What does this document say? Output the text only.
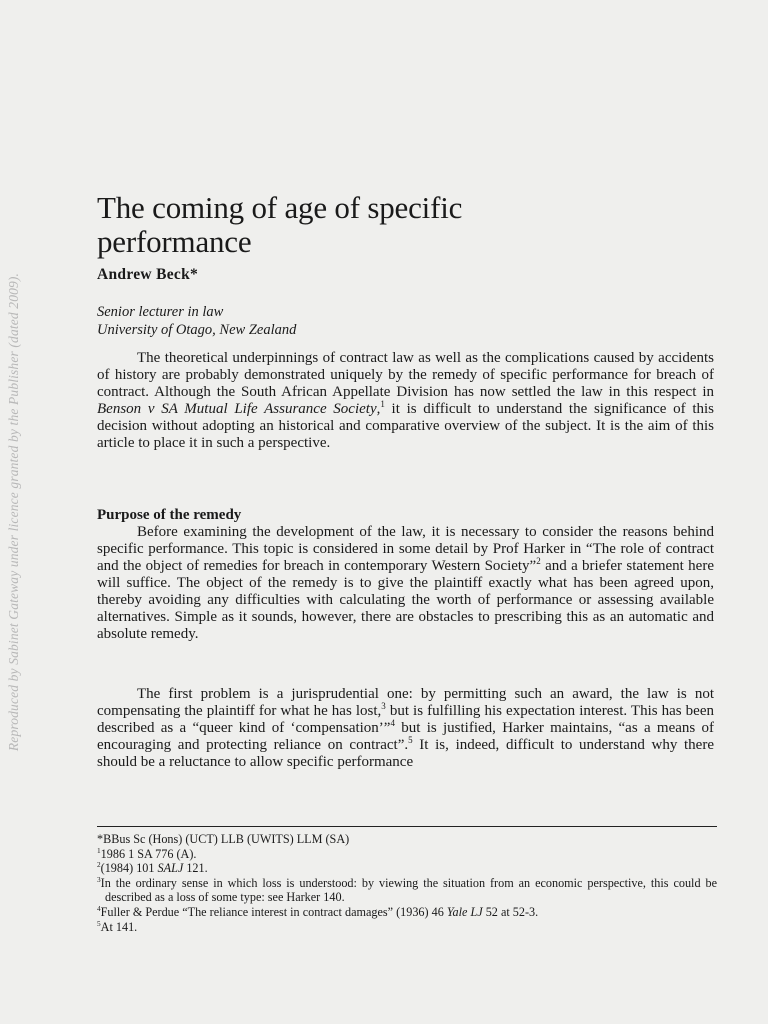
Reproduced by Sabinet Gateway under licence granted by the Publisher (dated 2009).
The coming of age of specific
performance
Andrew Beck*
Senior lecturer in law
University of Otago, New Zealand

The theoretical underpinnings of contract law as well as the complications caused by accidents of history are probably demonstrated uniquely by the remedy of specific performance for breach of contract. Although the South African Appellate Division has now settled the law in this respect in Benson v SA Mutual Life Assurance Society,$^1$ it is difficult to understand the significance of this decision without adopting an historical and comparative overview of the subject. It is the aim of this article to place it in such a perspective.

Purpose of the remedy

Before examining the development of the law, it is necessary to consider the reasons behind specific performance. This topic is considered in some detail by Prof Harker in “The role of contract and the object of remedies for breach in contemporary Western Society”$^2$ and a briefer statement here will suffice. The object of the remedy is to give the plaintiff exactly what has been agreed upon, thereby avoiding any difficulties with calculating the worth of performance or assessing available alternatives. Simple as it sounds, however, there are obstacles to prescribing this as an automatic and absolute remedy.

The first problem is a jurisprudential one: by permitting such an award, the law is not compensating the plaintiff for what he has lost,$^3$ but is fulfilling his expectation interest. This has been described as a “queer kind of ‘compensation’”$^4$ but is justified, Harker maintains, “as a means of encouraging and protecting reliance on contract”.$^5$ It is, indeed, difficult to understand why there should be a reluctance to allow specific performance

*BBus Sc (Hons) (UCT) LLB (UWITS) LLM (SA)
$^1$1986 1 SA 776 (A).
$^2$(1984) 101 SALJ 121.
$^3$In the ordinary sense in which loss is understood: by viewing the situation from an economic perspective, this could be described as a loss of some type: see Harker 140.
$^4$Fuller & Perdue “The reliance interest in contract damages” (1936) 46 Yale LJ 52 at 52-3.
$^5$At 141.
